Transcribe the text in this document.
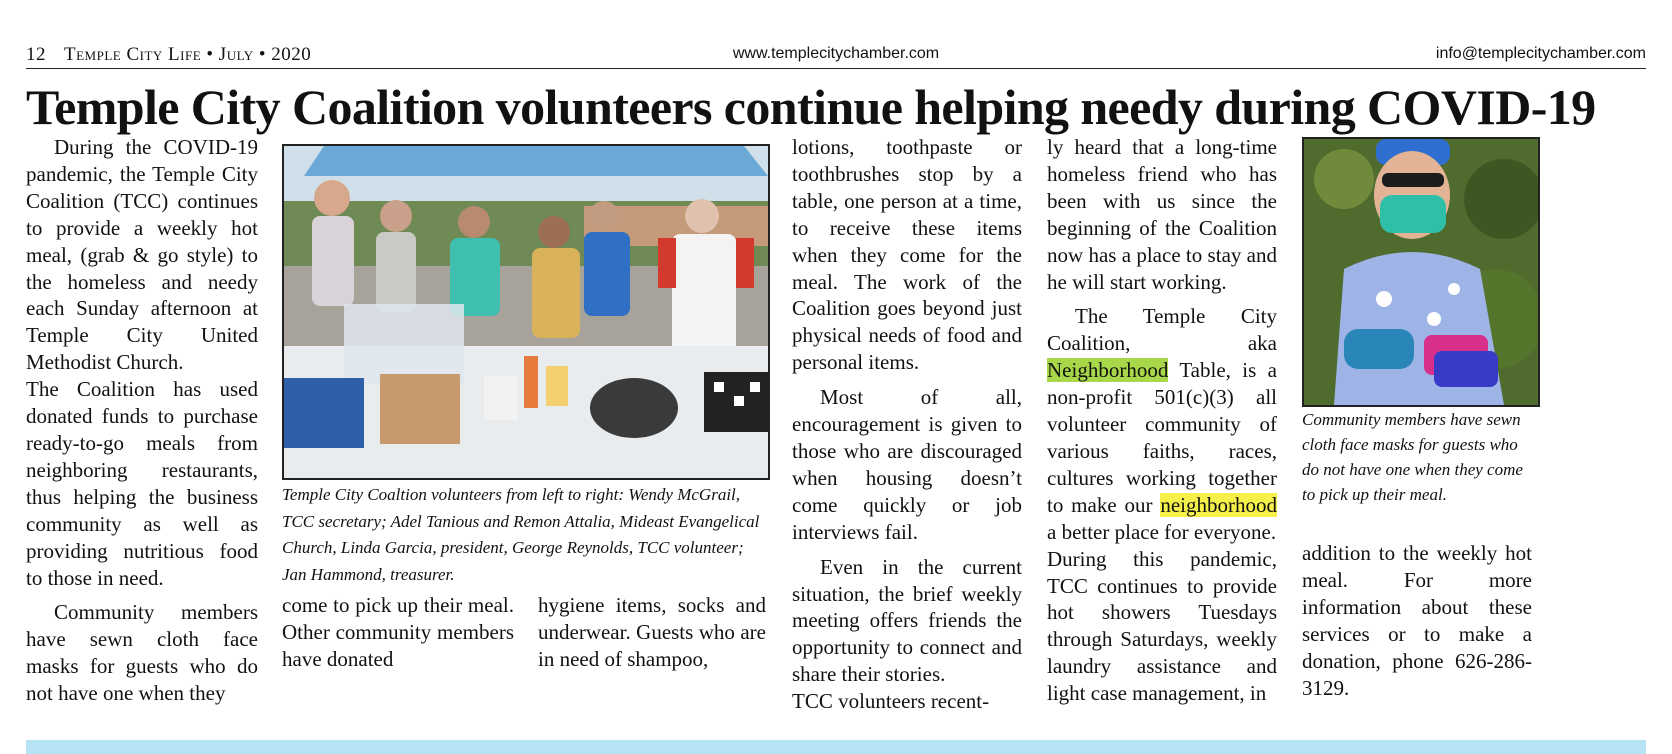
12 Temple City Life • July • 2020	www.templecitychamber.com	info@templecitychamber.com
Temple City Coalition volunteers continue helping needy during COVID-19

During the COVID-19 pandemic, the Temple City Coalition (TCC) continues to provide a weekly hot meal, (grab & go style) to the homeless and needy each Sunday afternoon at Temple City United Methodist Church.

The Coalition has used donated funds to purchase ready-to-go meals from neighboring restaurants, thus helping the business community as well as providing nutritious food to those in need.

Community members have sewn cloth face masks for guests who do not have one when they

Temple City Coaltion volunteers from left to right: Wendy McGrail, TCC secretary; Adel Tanious and Remon Attalia, Mideast Evangelical Church, Linda Garcia, president, George Reynolds, TCC volunteer; Jan Hammond, treasurer.

come to pick up their meal. Other community members have donated

hygiene items, socks and underwear. Guests who are in need of shampoo,

lotions, toothpaste or toothbrushes stop by a table, one person at a time, to receive these items when they come for the meal. The work of the Coalition goes beyond just physical needs of food and personal items.

Most of all, encouragement is given to those who are discouraged when housing doesn’t come quickly or job interviews fail.

Even in the current situation, the brief weekly meeting offers friends the opportunity to connect and share their stories.

TCC volunteers recent-

ly heard that a long-time homeless friend who has been with us since the beginning of the Coalition now has a place to stay and he will start working.

The Temple City Coalition, aka Neighborhood Table, is a non-profit 501(c)(3) all volunteer community of various faiths, races, cultures working together to make our neighborhood a better place for everyone.

During this pandemic, TCC continues to provide hot showers Tuesdays through Saturdays, weekly laundry assistance and light case management, in

Community members have sewn cloth face masks for guests who do not have one when they come to pick up their meal.

addition to the weekly hot meal. For more information about these services or to make a donation, phone 626-286-3129.
